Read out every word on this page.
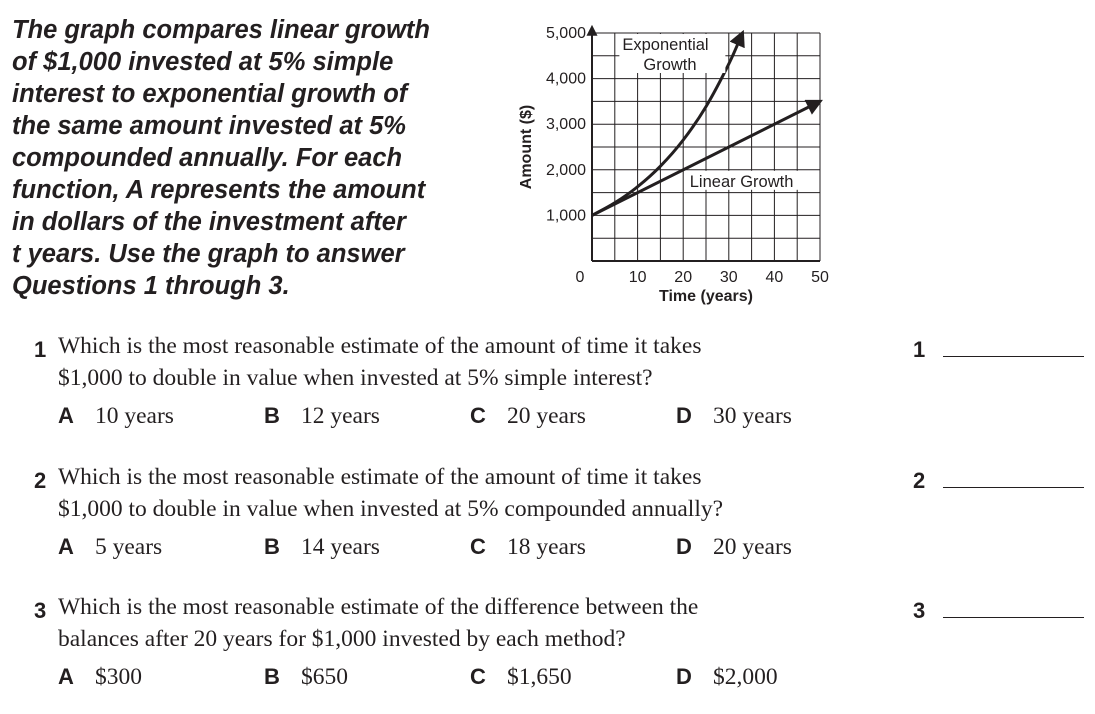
The graph compares linear growth
of $1,000 invested at 5% simple
interest to exponential growth of
the same amount invested at 5%
compounded annually. For each
function, A represents the amount
in dollars of the investment after
t years. Use the graph to answer
Questions 1 through 3.
1,000
2,000
3,000
4,000
5,000
10 20 30 40 50
0
Time (years)
Amount ($)
Exponential
Growth
Linear Growth
1 Which is the most reasonable estimate of the amount of time it takes
$1,000 to double in value when invested at 5% simple interest?
1
A 10 years	B 12 years	C 20 years	D 30 years
2 Which is the most reasonable estimate of the amount of time it takes
$1,000 to double in value when invested at 5% compounded annually?
2
A 5 years	B 14 years	C 18 years	D 20 years
3 Which is the most reasonable estimate of the difference between the
balances after 20 years for $1,000 invested by each method?
3
A $300	B $650	C $1,650	D $2,000
